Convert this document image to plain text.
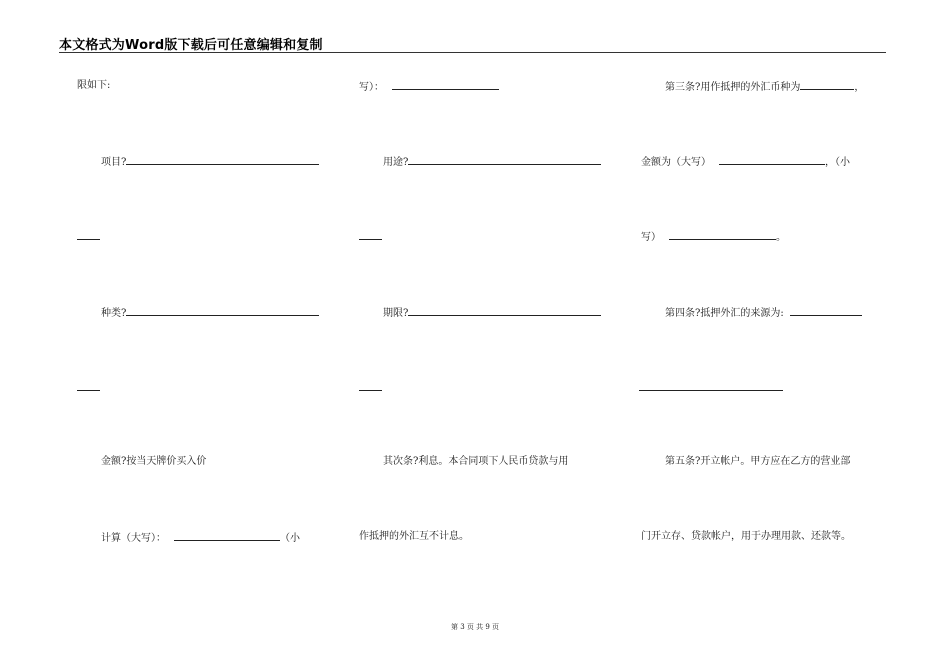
本文格式为Word版下载后可任意编辑和复制
限如下:
项目?
种类?
金额?按当天牌价买入价
计算（大写）：	（小
写）：
用途?
期限?
其次条?利息。本合同项下人民币贷款与用
作抵押的外汇互不计息。
第三条?用作抵押的外汇币种为	，
金额为（大写）	，（小
写）	。
第四条?抵押外汇的来源为:
第五条?开立帐户。甲方应在乙方的营业部
门开立存、贷款帐户，用于办理用款、还款等。
第 3 页 共 9 页
